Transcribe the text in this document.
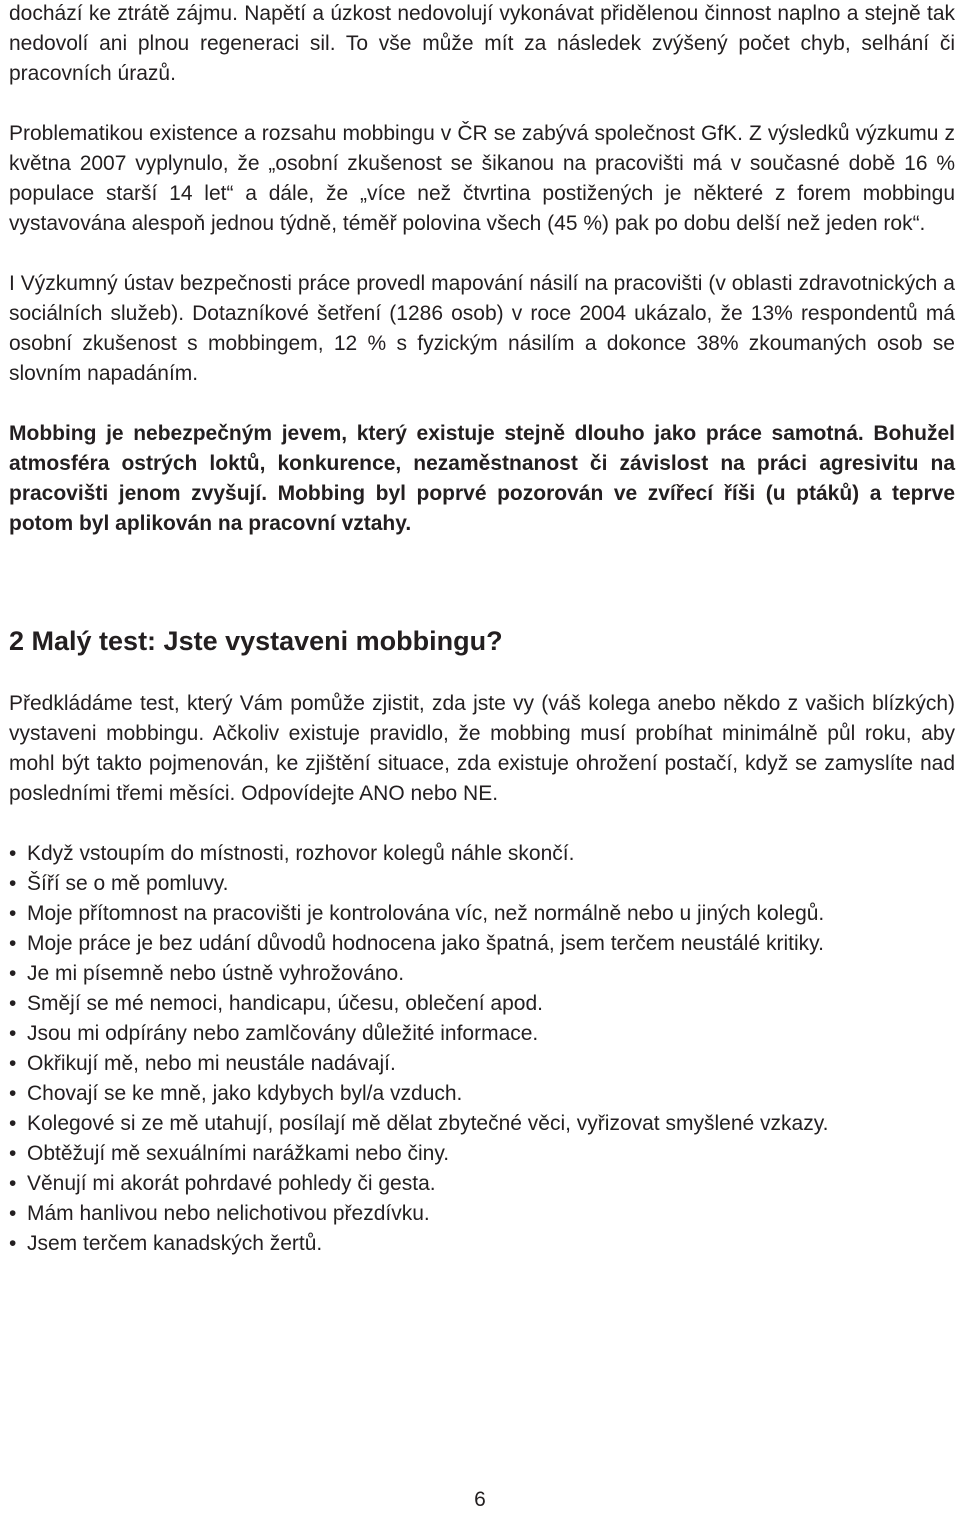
dochází ke ztrátě zájmu. Napětí a úzkost nedovolují vykonávat přidělenou činnost naplno a stejně tak nedovolí ani plnou regeneraci sil. To vše může mít za následek zvýšený počet chyb, selhání či pracovních úrazů.

Problematikou existence a rozsahu mobbingu v ČR se zabývá společnost GfK. Z výsledků výzkumu z května 2007 vyplynulo, že „osobní zkušenost se šikanou na pracovišti má v současné době 16 % populace starší 14 let“ a dále, že „více než čtvrtina postižených je některé z forem mobbingu vystavována alespoň jednou týdně, téměř polovina všech (45 %) pak po dobu delší než jeden rok“.

I Výzkumný ústav bezpečnosti práce provedl mapování násilí na pracovišti (v oblasti zdravotnických a sociálních služeb). Dotazníkové šetření (1286 osob) v roce 2004 ukázalo, že 13% respondentů má osobní zkušenost s mobbingem, 12 % s fyzickým násilím a dokonce 38% zkoumaných osob se slovním napadáním.

Mobbing je nebezpečným jevem, který existuje stejně dlouho jako práce samotná. Bohužel atmosféra ostrých loktů, konkurence, nezaměstnanost či závislost na práci agresivitu na pracovišti jenom zvyšují. Mobbing byl poprvé pozorován ve zvířecí říši (u ptáků) a teprve potom byl aplikován na pracovní vztahy.

2 Malý test: Jste vystaveni mobbingu?

Předkládáme test, který Vám pomůže zjistit, zda jste vy (váš kolega anebo někdo z vašich blízkých) vystaveni mobbingu. Ačkoliv existuje pravidlo, že mobbing musí probíhat minimálně půl roku, aby mohl být takto pojmenován, ke zjištění situace, zda existuje ohrožení postačí, když se zamyslíte nad posledními třemi měsíci. Odpovídejte ANO nebo NE.

• Když vstoupím do místnosti, rozhovor kolegů náhle skončí.
• Šíří se o mě pomluvy.
• Moje přítomnost na pracovišti je kontrolována víc, než normálně nebo u jiných kolegů.
• Moje práce je bez udání důvodů hodnocena jako špatná, jsem terčem neustálé kritiky.
• Je mi písemně nebo ústně vyhrožováno.
• Smějí se mé nemoci, handicapu, účesu, oblečení apod.
• Jsou mi odpírány nebo zamlčovány důležité informace.
• Okřikují mě, nebo mi neustále nadávají.
• Chovají se ke mně, jako kdybych byl/a vzduch.
• Kolegové si ze mě utahují, posílají mě dělat zbytečné věci, vyřizovat smyšlené vzkazy.
• Obtěžují mě sexuálními narážkami nebo činy.
• Věnují mi akorát pohrdavé pohledy či gesta.
• Mám hanlivou nebo nelichotivou přezdívku.
• Jsem terčem kanadských žertů.
6
